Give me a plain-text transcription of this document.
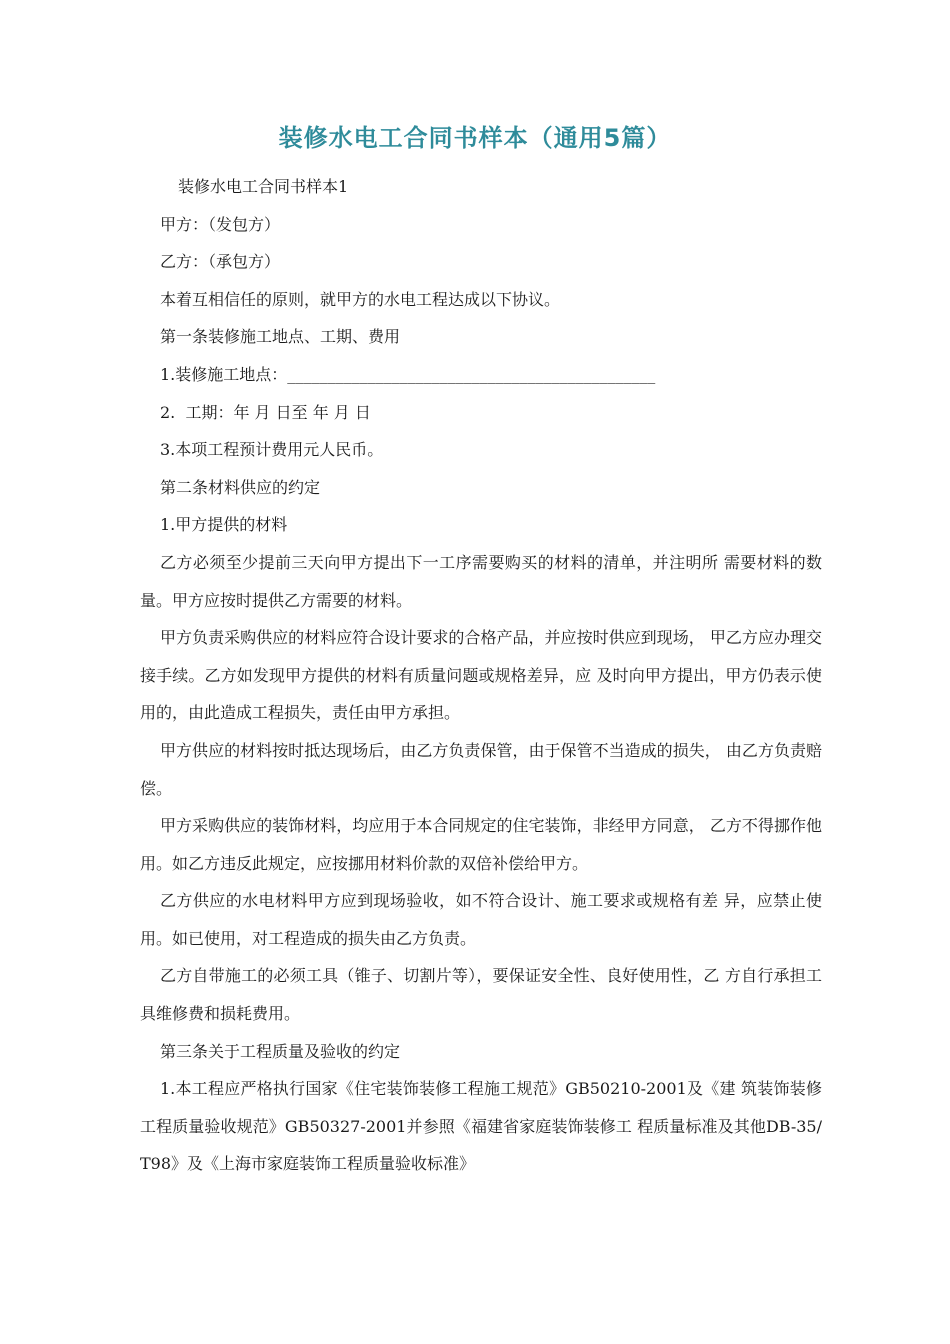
装修水电工合同书样本（通用5篇）

装修水电工合同书样本1

甲方：（发包方）

乙方：（承包方）

本着互相信任的原则，就甲方的水电工程达成以下协议。

第一条装修施工地点、工期、费用

1.装修施工地点：______________________________________________

2.  工期：年 月 日至 年 月 日

3.本项工程预计费用元人民币。

第二条材料供应的约定

1.甲方提供的材料

乙方必须至少提前三天向甲方提出下一工序需要购买的材料的清单，并注明所 需要材料的数量。甲方应按时提供乙方需要的材料。

甲方负责采购供应的材料应符合设计要求的合格产品，并应按时供应到现场， 甲乙方应办理交接手续。乙方如发现甲方提供的材料有质量问题或规格差异，应 及时向甲方提出，甲方仍表示使用的，由此造成工程损失，责任由甲方承担。

甲方供应的材料按时抵达现场后，由乙方负责保管，由于保管不当造成的损失， 由乙方负责赔偿。

甲方采购供应的装饰材料，均应用于本合同规定的住宅装饰，非经甲方同意， 乙方不得挪作他用。如乙方违反此规定，应按挪用材料价款的双倍补偿给甲方。

乙方供应的水电材料甲方应到现场验收，如不符合设计、施工要求或规格有差 异，应禁止使用。如已使用，对工程造成的损失由乙方负责。

乙方自带施工的必须工具（锥子、切割片等），要保证安全性、良好使用性，乙 方自行承担工具维修费和损耗费用。

第三条关于工程质量及验收的约定

1.本工程应严格执行国家《住宅装饰装修工程施工规范》GB50210-2001及《建 筑装饰装修工程质量验收规范》GB50327-2001并参照《福建省家庭装饰装修工 程质量标准及其他DB-35/T98》及《上海市家庭装饰工程质量验收标准》
